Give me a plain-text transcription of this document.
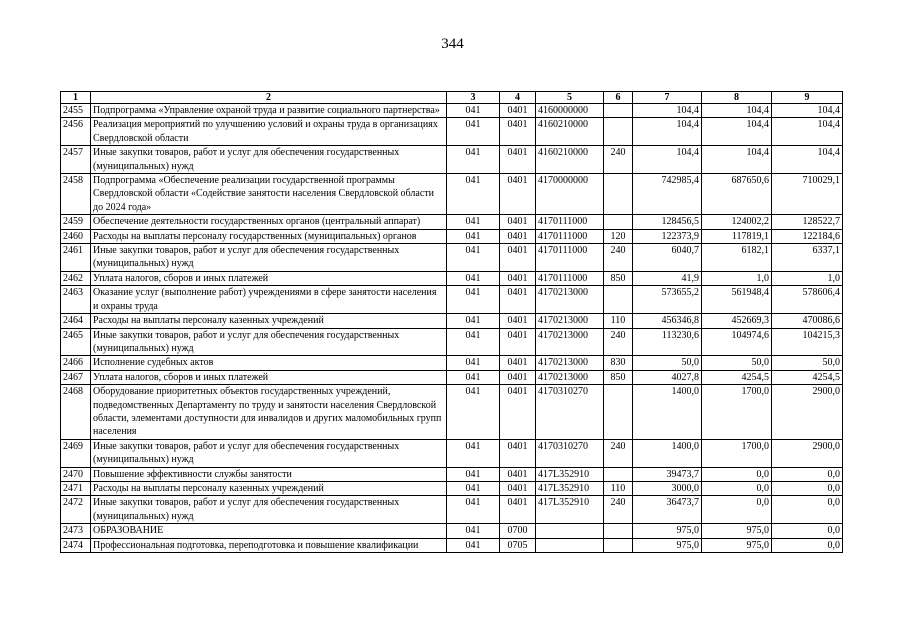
344
1	2	3	4	5	6	7	8	9
2455	Подпрограмма «Управление охраной труда и развитие социального партнерства»	041	0401	4160000000		104,4	104,4	104,4
2456	Реализация мероприятий по улучшению условий и охраны труда в организациях Свердловской области	041	0401	4160210000		104,4	104,4	104,4
2457	Иные закупки товаров, работ и услуг для обеспечения государственных (муниципальных) нужд	041	0401	4160210000	240	104,4	104,4	104,4
2458	Подпрограмма «Обеспечение реализации государственной программы Свердловской области «Содействие занятости населения Свердловской области до 2024 года»	041	0401	4170000000		742985,4	687650,6	710029,1
2459	Обеспечение деятельности государственных органов (центральный аппарат)	041	0401	4170111000		128456,5	124002,2	128522,7
2460	Расходы на выплаты персоналу государственных (муниципальных) органов	041	0401	4170111000	120	122373,9	117819,1	122184,6
2461	Иные закупки товаров, работ и услуг для обеспечения государственных (муниципальных) нужд	041	0401	4170111000	240	6040,7	6182,1	6337,1
2462	Уплата налогов, сборов и иных платежей	041	0401	4170111000	850	41,9	1,0	1,0
2463	Оказание услуг (выполнение работ) учреждениями в сфере занятости населения и охраны труда	041	0401	4170213000		573655,2	561948,4	578606,4
2464	Расходы на выплаты персоналу казенных учреждений	041	0401	4170213000	110	456346,8	452669,3	470086,6
2465	Иные закупки товаров, работ и услуг для обеспечения государственных (муниципальных) нужд	041	0401	4170213000	240	113230,6	104974,6	104215,3
2466	Исполнение судебных актов	041	0401	4170213000	830	50,0	50,0	50,0
2467	Уплата налогов, сборов и иных платежей	041	0401	4170213000	850	4027,8	4254,5	4254,5
2468	Оборудование приоритетных объектов государственных учреждений, подведомственных Департаменту по труду и занятости населения Свердловской области, элементами доступности для инвалидов и других маломобильных групп населения	041	0401	4170310270		1400,0	1700,0	2900,0
2469	Иные закупки товаров, работ и услуг для обеспечения государственных (муниципальных) нужд	041	0401	4170310270	240	1400,0	1700,0	2900,0
2470	Повышение эффективности службы занятости	041	0401	417L352910		39473,7	0,0	0,0
2471	Расходы на выплаты персоналу казенных учреждений	041	0401	417L352910	110	3000,0	0,0	0,0
2472	Иные закупки товаров, работ и услуг для обеспечения государственных (муниципальных) нужд	041	0401	417L352910	240	36473,7	0,0	0,0
2473	ОБРАЗОВАНИЕ	041	0700			975,0	975,0	0,0
2474	Профессиональная подготовка, переподготовка и повышение квалификации	041	0705			975,0	975,0	0,0
